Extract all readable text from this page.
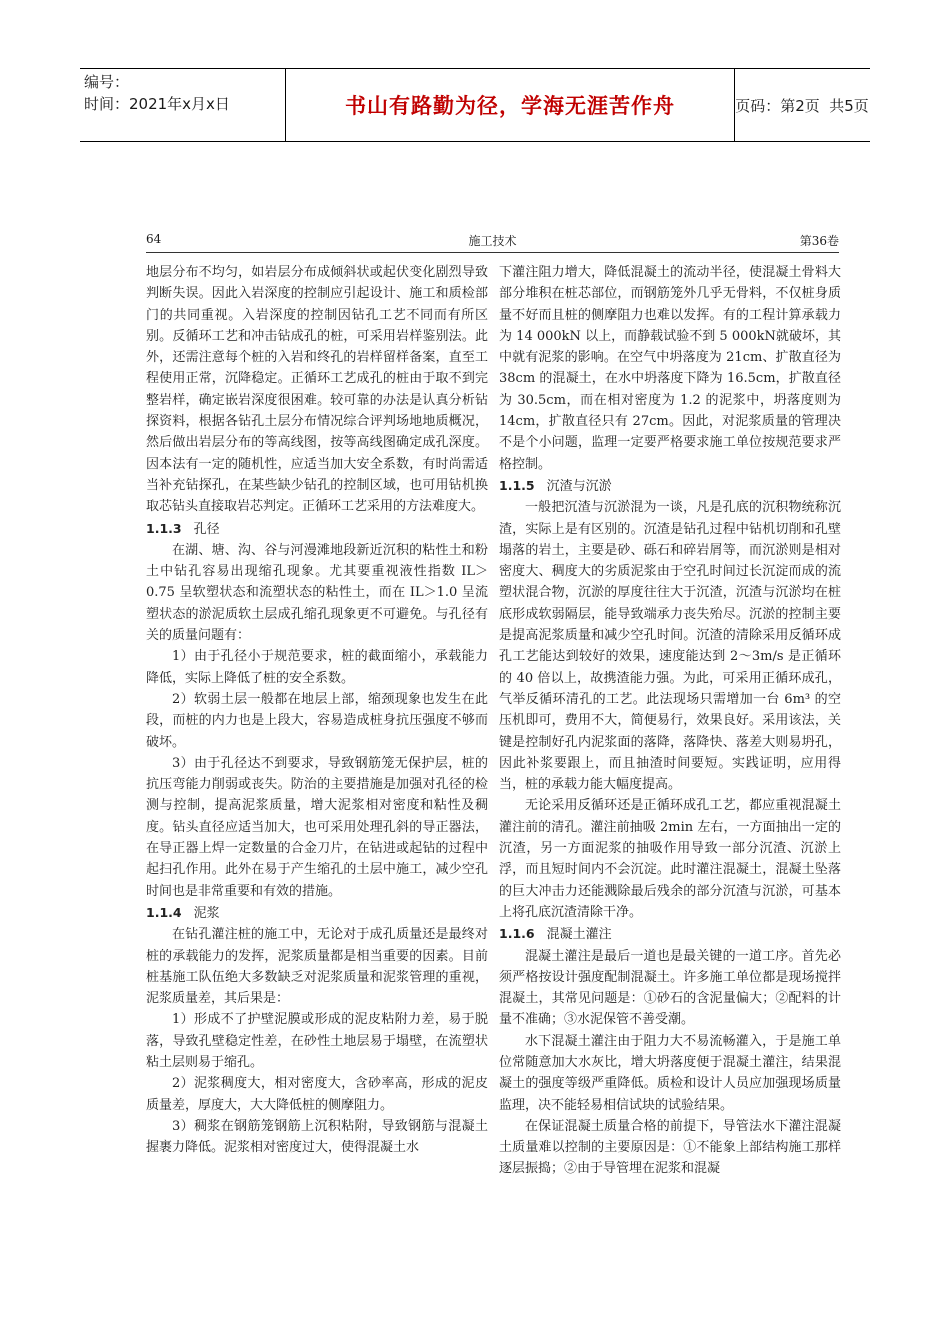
编号：
时间：2021年x月x日	书山有路勤为径，学海无涯苦作舟	页码：第2页  共5页
64	施工技术	第36卷

地层分布不均匀，如岩层分布成倾斜状或起伏变化剧烈导致判断失误。因此入岩深度的控制应引起设计、施工和质检部门的共同重视。入岩深度的控制因钻孔工艺不同而有所区别。反循环工艺和冲击钻成孔的桩，可采用岩样鉴别法。此外，还需注意每个桩的入岩和终孔的岩样留样备案，直至工程使用正常，沉降稳定。正循环工艺成孔的桩由于取不到完整岩样，确定嵌岩深度很困难。较可靠的办法是认真分析钻探资料，根据各钻孔土层分布情况综合评判场地地质概况，然后做出岩层分布的等高线图，按等高线图确定成孔深度。因本法有一定的随机性，应适当加大安全系数，有时尚需适当补充钻探孔，在某些缺少钻孔的控制区域，也可用钻机换取芯钻头直接取岩芯判定。正循环工艺采用的方法难度大。

1.1.3 孔径

在湖、塘、沟、谷与河漫滩地段新近沉积的粘性土和粉土中钻孔容易出现缩孔现象。尤其要重视液性指数 IL＞0.75 呈软塑状态和流塑状态的粘性土，而在 IL＞1.0 呈流塑状态的淤泥质软土层成孔缩孔现象更不可避免。与孔径有关的质量问题有：

1）由于孔径小于规范要求，桩的截面缩小，承载能力降低，实际上降低了桩的安全系数。

2）软弱土层一般都在地层上部，缩颈现象也发生在此段，而桩的内力也是上段大，容易造成桩身抗压强度不够而破坏。

3）由于孔径达不到要求，导致钢筋笼无保护层，桩的抗压弯能力削弱或丧失。防治的主要措施是加强对孔径的检测与控制，提高泥浆质量，增大泥浆相对密度和粘性及稠度。钻头直径应适当加大，也可采用处理孔斜的导正器法，在导正器上焊一定数量的合金刀片，在钻进或起钻的过程中起扫孔作用。此外在易于产生缩孔的土层中施工，减少空孔时间也是非常重要和有效的措施。

1.1.4 泥浆

在钻孔灌注桩的施工中，无论对于成孔质量还是最终对桩的承载能力的发挥，泥浆质量都是相当重要的因素。目前桩基施工队伍绝大多数缺乏对泥浆质量和泥浆管理的重视，泥浆质量差，其后果是：

1）形成不了护壁泥膜或形成的泥皮粘附力差，易于脱落，导致孔壁稳定性差，在砂性土地层易于塌壁，在流塑状粘土层则易于缩孔。

2）泥浆稠度大，相对密度大，含砂率高，形成的泥皮质量差，厚度大，大大降低桩的侧摩阻力。

3）稠浆在钢筋笼钢筋上沉积粘附，导致钢筋与混凝土握裹力降低。泥浆相对密度过大，使得混凝土水

下灌注阻力增大，降低混凝土的流动半径，使混凝土骨料大部分堆积在桩芯部位，而钢筋笼外几乎无骨料，不仅桩身质量不好而且桩的侧摩阻力也难以发挥。有的工程计算承载力为 14 000kN 以上，而静载试验不到 5 000kN就破坏，其中就有泥浆的影响。在空气中坍落度为 21cm、扩散直径为 38cm 的混凝土，在水中坍落度下降为 16.5cm，扩散直径为 30.5cm，而在相对密度为 1.2 的泥浆中，坍落度则为 14cm，扩散直径只有 27cm。因此，对泥浆质量的管理决不是个小问题，监理一定要严格要求施工单位按规范要求严格控制。

1.1.5 沉渣与沉淤

一般把沉渣与沉淤混为一谈，凡是孔底的沉积物统称沉渣，实际上是有区别的。沉渣是钻孔过程中钻机切削和孔壁塌落的岩土，主要是砂、砾石和碎岩屑等，而沉淤则是相对密度大、稠度大的劣质泥浆由于空孔时间过长沉淀而成的流塑状混合物，沉淤的厚度往往大于沉渣，沉渣与沉淤均在桩底形成软弱隔层，能导致端承力丧失殆尽。沉淤的控制主要是提高泥浆质量和减少空孔时间。沉渣的清除采用反循环成孔工艺能达到较好的效果，速度能达到 2～3m/s 是正循环的 40 倍以上，故携渣能力强。为此，可采用正循环成孔，气举反循环清孔的工艺。此法现场只需增加一台 6m³ 的空压机即可，费用不大，简便易行，效果良好。采用该法，关键是控制好孔内泥浆面的落降，落降快、落差大则易坍孔，因此补浆要跟上，而且抽渣时间要短。实践证明，应用得当，桩的承载力能大幅度提高。

无论采用反循环还是正循环成孔工艺，都应重视混凝土灌注前的清孔。灌注前抽吸 2min 左右，一方面抽出一定的沉渣，另一方面泥浆的抽吸作用导致一部分沉渣、沉淤上浮，而且短时间内不会沉淀。此时灌注混凝土，混凝土坠落的巨大冲击力还能溅除最后残余的部分沉渣与沉淤，可基本上将孔底沉渣清除干净。

1.1.6 混凝土灌注

混凝土灌注是最后一道也是最关键的一道工序。首先必须严格按设计强度配制混凝土。许多施工单位都是现场搅拌混凝土，其常见问题是：①砂石的含泥量偏大；②配料的计量不准确；③水泥保管不善受潮。

水下混凝土灌注由于阻力大不易流畅灌入，于是施工单位常随意加大水灰比，增大坍落度便于混凝土灌注，结果混凝土的强度等级严重降低。质检和设计人员应加强现场质量监理，决不能轻易相信试块的试验结果。

在保证混凝土质量合格的前提下，导管法水下灌注混凝土质量难以控制的主要原因是：①不能象上部结构施工那样逐层振捣；②由于导管埋在泥浆和混凝
